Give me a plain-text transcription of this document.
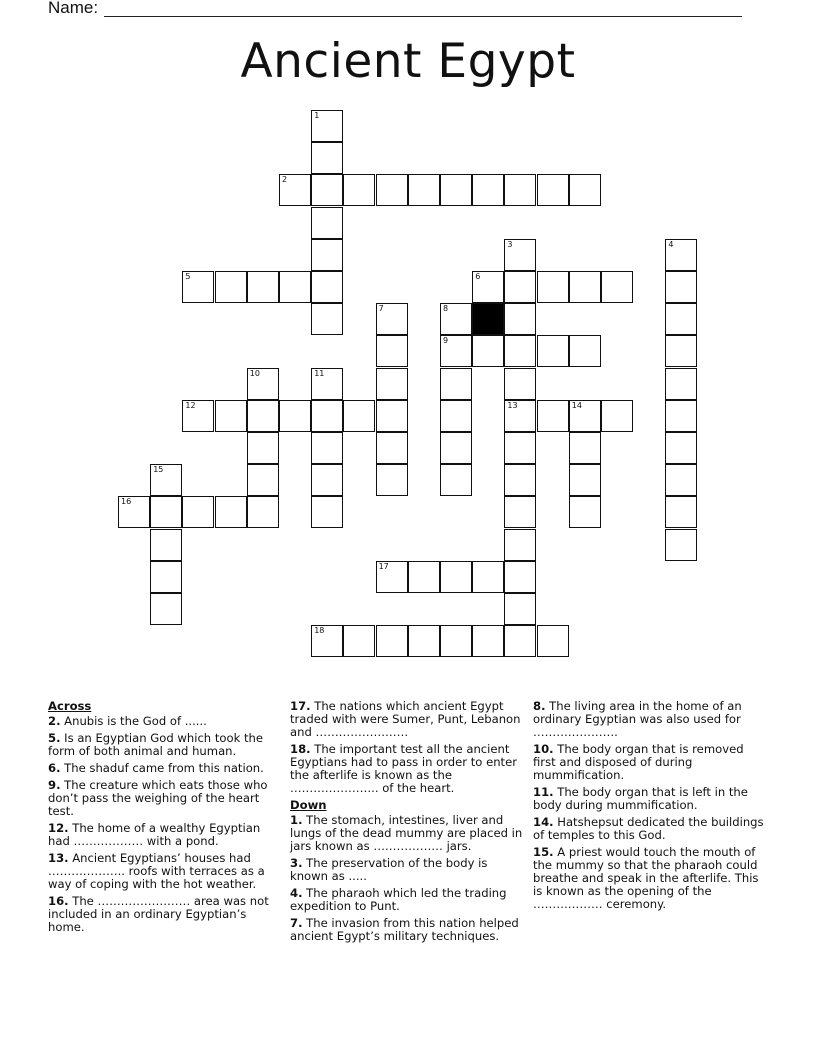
Name:
Ancient Egypt
1
2
3
13
4
5	6
7	8
9
10	11
12	14
15
16
17
18
Across
2. Anubis is the God of ......
5. Is an Egyptian God which took the form of both animal and human.
6. The shaduf came from this nation.
9. The creature which eats those who don’t pass the weighing of the heart test.
12. The home of a wealthy Egyptian had ……………… with a pond.
13. Ancient Egyptians’ houses had ……………….. roofs with terraces as a way of coping with the hot weather.
16. The …………………… area was not included in an ordinary Egyptian’s home.
17. The nations which ancient Egypt traded with were Sumer, Punt, Lebanon and ……………………
18. The important test all the ancient Egyptians had to pass in order to enter the afterlife is known as the ………………….. of the heart.
Down
1. The stomach, intestines, liver and lungs of the dead mummy are placed in jars known as ……………… jars.
3. The preservation of the body is known as .....
4. The pharaoh which led the trading expedition to Punt.
7. The invasion from this nation helped ancient Egypt’s military techniques.
8. The living area in the home of an ordinary Egyptian was also used for ………………….
10. The body organ that is removed first and disposed of during mummification.
11. The body organ that is left in the body during mummification.
14. Hatshepsut dedicated the buildings of temples to this God.
15. A priest would touch the mouth of the mummy so that the pharaoh could breathe and speak in the afterlife. This is known as the opening of the ……………… ceremony.
